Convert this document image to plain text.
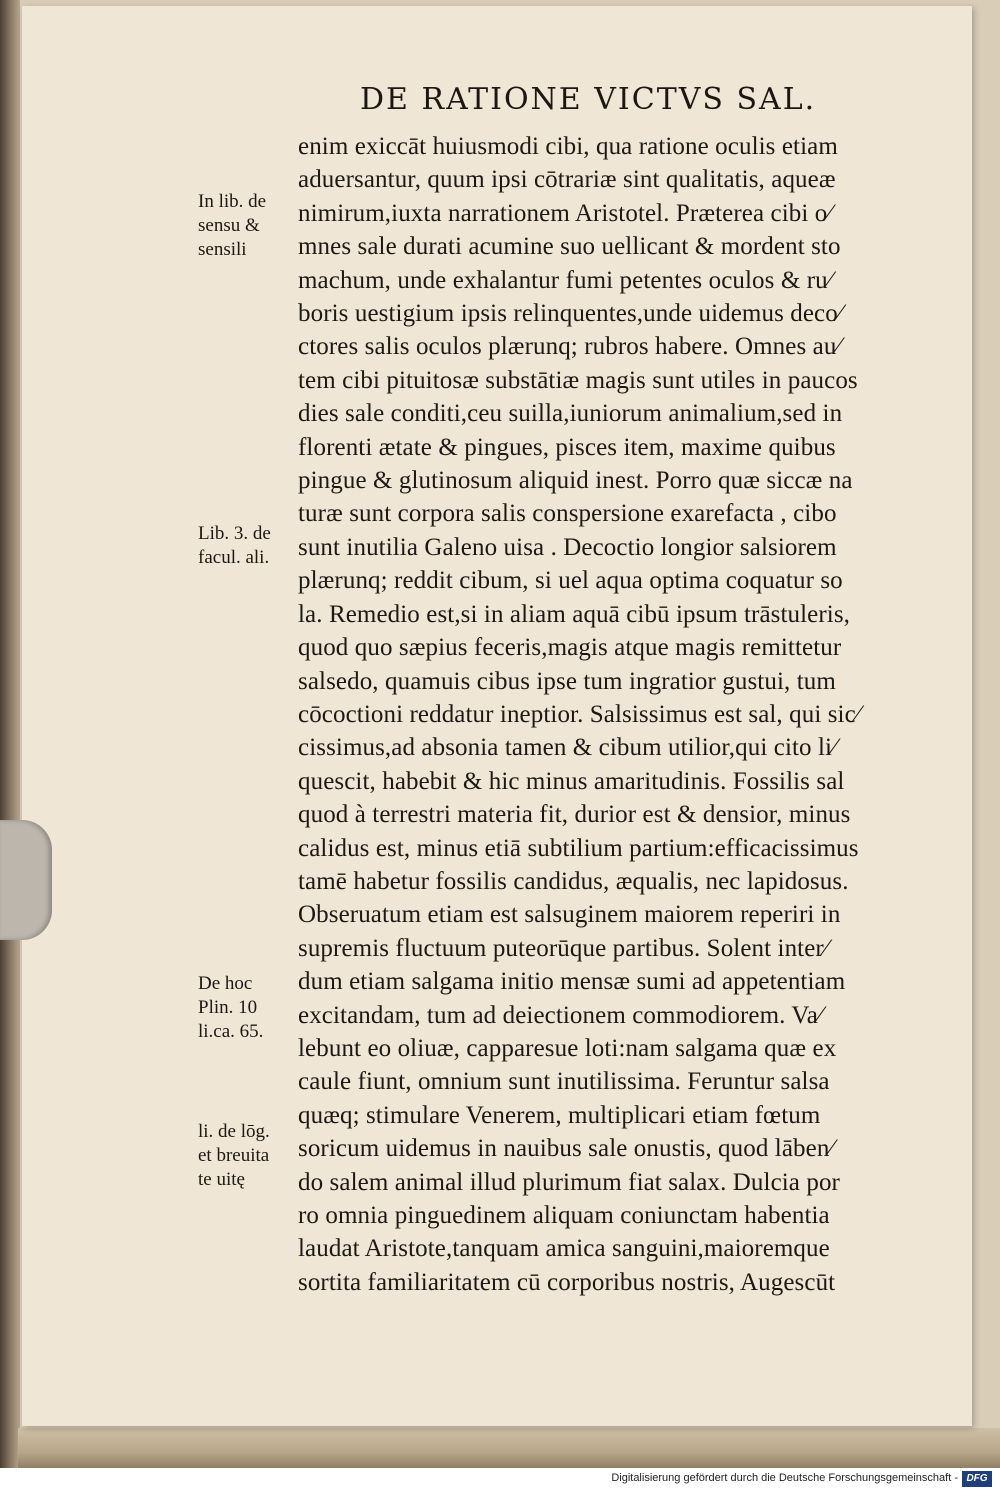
DE RATIONE VICTVS SAL.
enim exiccāt huiusmodi cibi, qua ratione oculis etiam
aduersantur, quum ipsi cōtrariæ sint qualitatis, aqueæ
nimirum,iuxta narrationem Aristotel. Præterea cibi o⁄
mnes sale durati acumine suo uellicant & mordent sto
machum, unde exhalantur fumi petentes oculos & ru⁄
boris uestigium ipsis relinquentes,unde uidemus deco⁄
ctores salis oculos plærunq; rubros habere. Omnes au⁄
tem cibi pituitosæ substātiæ magis sunt utiles in paucos
dies sale conditi,ceu suilla,iuniorum animalium,sed in
florenti ætate & pingues, pisces item, maxime quibus
pingue & glutinosum aliquid inest. Porro quæ siccæ na
turæ sunt corpora salis conspersione exarefacta , cibo
sunt inutilia Galeno uisa . Decoctio longior salsiorem
plærunq; reddit cibum, si uel aqua optima coquatur so
la. Remedio est,si in aliam aquā cibū ipsum trāstuleris,
quod quo sæpius feceris,magis atque magis remittetur
salsedo, quamuis cibus ipse tum ingratior gustui, tum
cōcoctioni reddatur ineptior. Salsissimus est sal, qui sic⁄
cissimus,ad absonia tamen & cibum utilior,qui cito li⁄
quescit, habebit & hic minus amaritudinis. Fossilis sal
quod à terrestri materia fit, durior est & densior, minus
calidus est, minus etiā subtilium partium:efficacissimus
tamē habetur fossilis candidus, æqualis, nec lapidosus.
Obseruatum etiam est salsuginem maiorem reperiri in
supremis fluctuum puteorūque partibus. Solent inter⁄
dum etiam salgama initio mensæ sumi ad appetentiam
excitandam, tum ad deiectionem commodiorem. Va⁄
lebunt eo oliuæ, capparesue loti:nam salgama quæ ex
caule fiunt, omnium sunt inutilissima. Feruntur salsa
quæq; stimulare Venerem, multiplicari etiam fœtum
soricum uidemus in nauibus sale onustis, quod lāben⁄
do salem animal illud plurimum fiat salax. Dulcia por
ro omnia pinguedinem aliquam coniunctam habentia
laudat Aristote,tanquam amica sanguini,maioremque
sortita familiaritatem cū corporibus nostris, Augescūt
In lib. de
sensu &
sensili
Lib. 3. de
facul. ali.
De hoc
Plin. 10
li.ca. 65.
li. de lōg.
et breuita
te uitę
Digitalisierung gefördert durch die Deutsche Forschungsgemeinschaft - DFG
